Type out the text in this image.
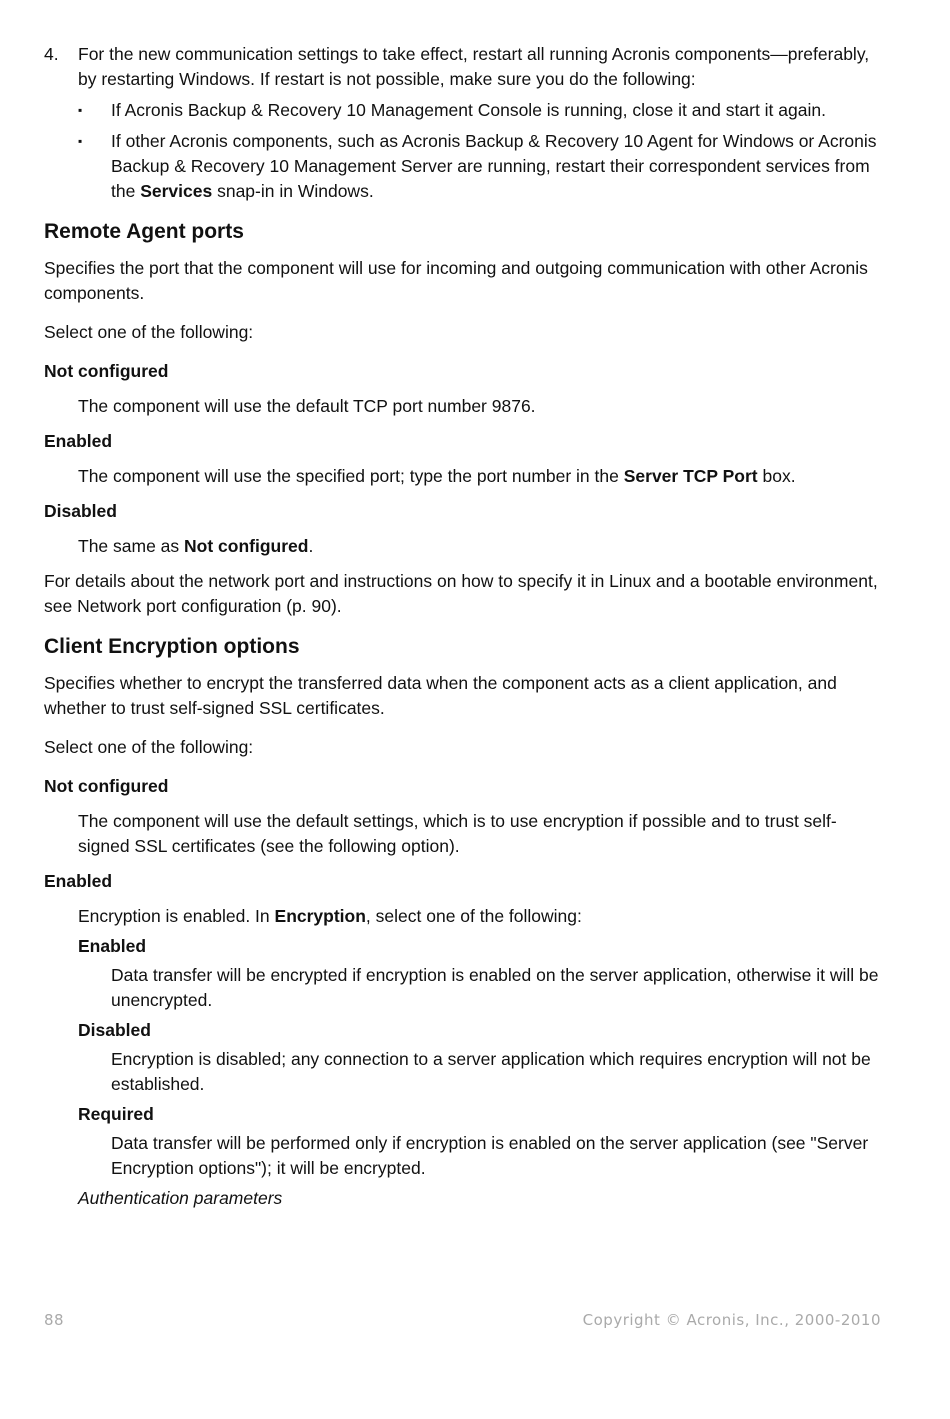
4.	For the new communication settings to take effect, restart all running Acronis components—preferably, by restarting Windows. If restart is not possible, make sure you do the following:

▪	If Acronis Backup & Recovery 10 Management Console is running, close it and start it again.

▪	If other Acronis components, such as Acronis Backup & Recovery 10 Agent for Windows or Acronis Backup & Recovery 10 Management Server are running, restart their correspondent services from the Services snap-in in Windows.

Remote Agent ports

Specifies the port that the component will use for incoming and outgoing communication with other Acronis components.

Select one of the following:

Not configured

The component will use the default TCP port number 9876.

Enabled

The component will use the specified port; type the port number in the Server TCP Port box.

Disabled

The same as Not configured.

For details about the network port and instructions on how to specify it in Linux and a bootable environment, see Network port configuration (p. 90).

Client Encryption options

Specifies whether to encrypt the transferred data when the component acts as a client application, and whether to trust self-signed SSL certificates.

Select one of the following:

Not configured

The component will use the default settings, which is to use encryption if possible and to trust self-signed SSL certificates (see the following option).

Enabled

Encryption is enabled. In Encryption, select one of the following:

Enabled

Data transfer will be encrypted if encryption is enabled on the server application, otherwise it will be unencrypted.

Disabled

Encryption is disabled; any connection to a server application which requires encryption will not be established.

Required

Data transfer will be performed only if encryption is enabled on the server application (see "Server Encryption options"); it will be encrypted.

Authentication parameters

88	Copyright © Acronis, Inc., 2000-2010
